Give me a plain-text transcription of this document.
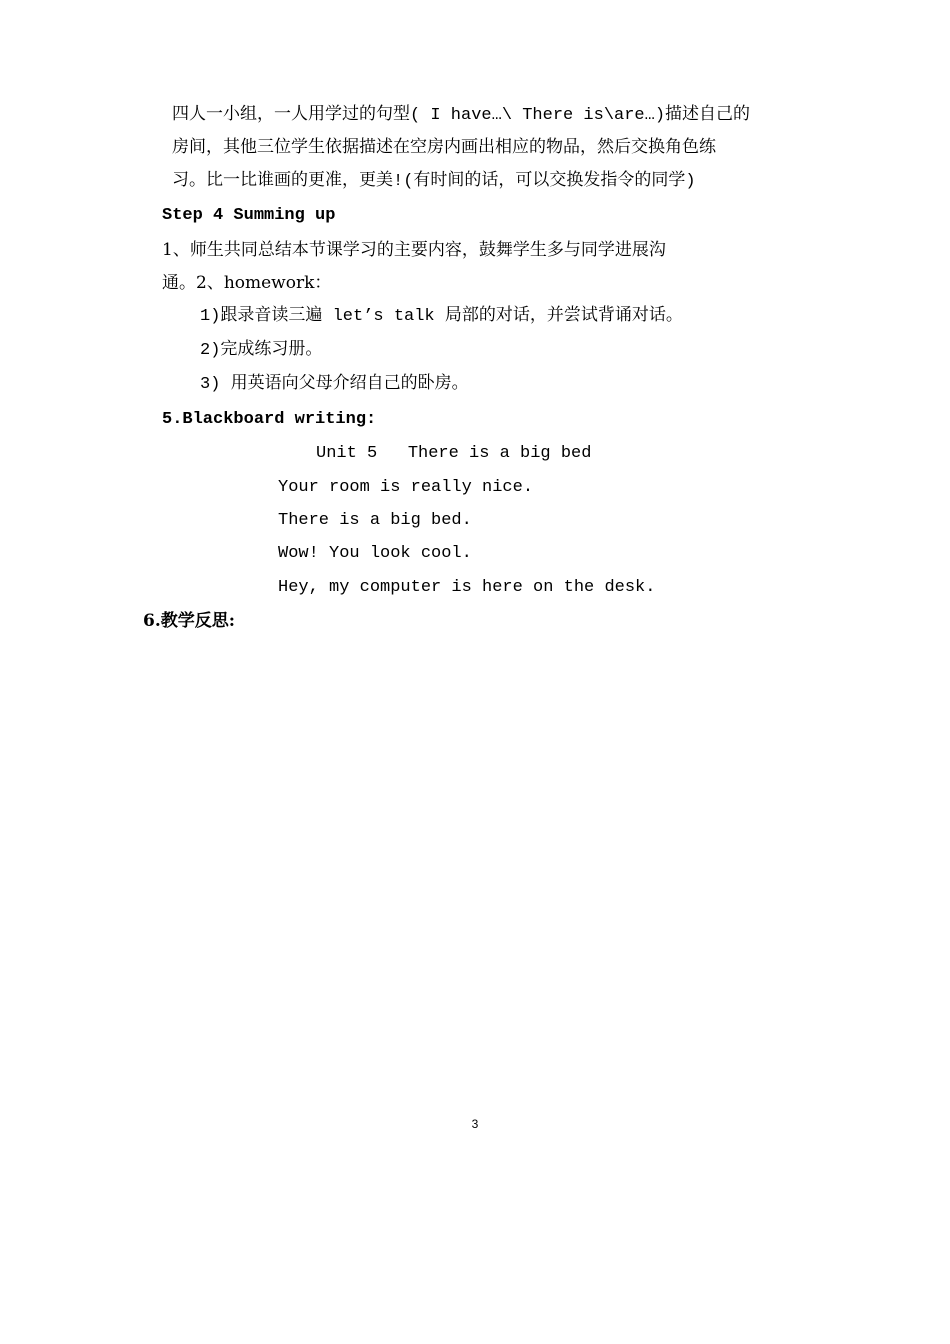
四人一小组，一人用学过的句型( I have…\ There is\are…)描述自己的
房间，其他三位学生依据描述在空房内画出相应的物品，然后交换角色练
习。比一比谁画的更准，更美!(有时间的话，可以交换发指令的同学)
Step 4 Summing up
1、师生共同总结本节课学习的主要内容，鼓舞学生多与同学进展沟
通。2、homework：
1)跟录音读三遍 let’s talk 局部的对话，并尝试背诵对话。
2)完成练习册。
3) 用英语向父母介绍自己的卧房。
5.Blackboard writing:
Unit 5   There is a big bed
Your room is really nice.
There is a big bed.
Wow! You look cool.
Hey, my computer is here on the desk.
6.教学反思:
3
